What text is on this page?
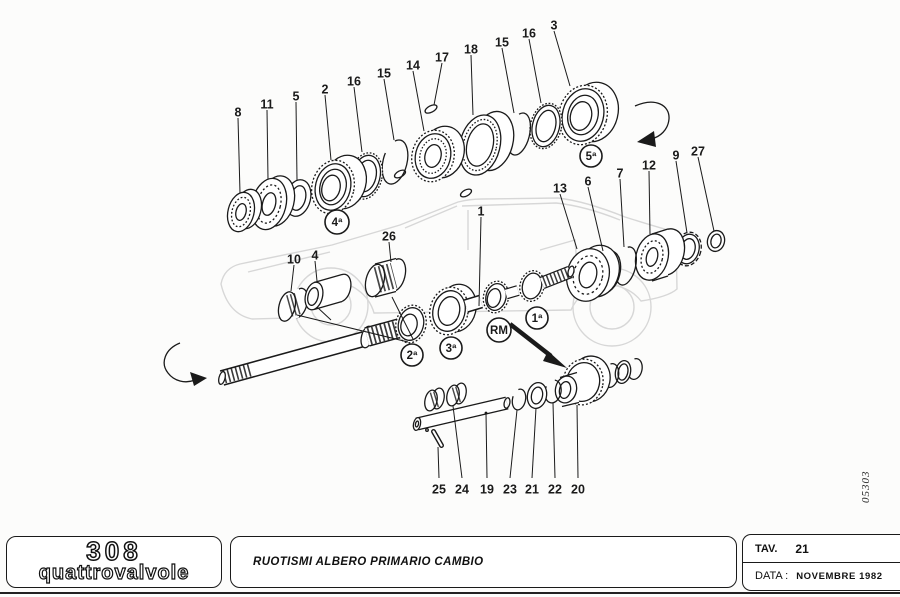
8
11
5 2
16
15
14
17
18 15
16
3
13 6
7
12
9 27
1
26
10 4
25 24 19 23 21 22 20
4ª
5ª
2ª
3ª
RM
1ª
05303
308
quattrovalvole	RUOTISMI ALBERO PRIMARIO CAMBIO
TAV. 21
DATA : NOVEMBRE 1982
